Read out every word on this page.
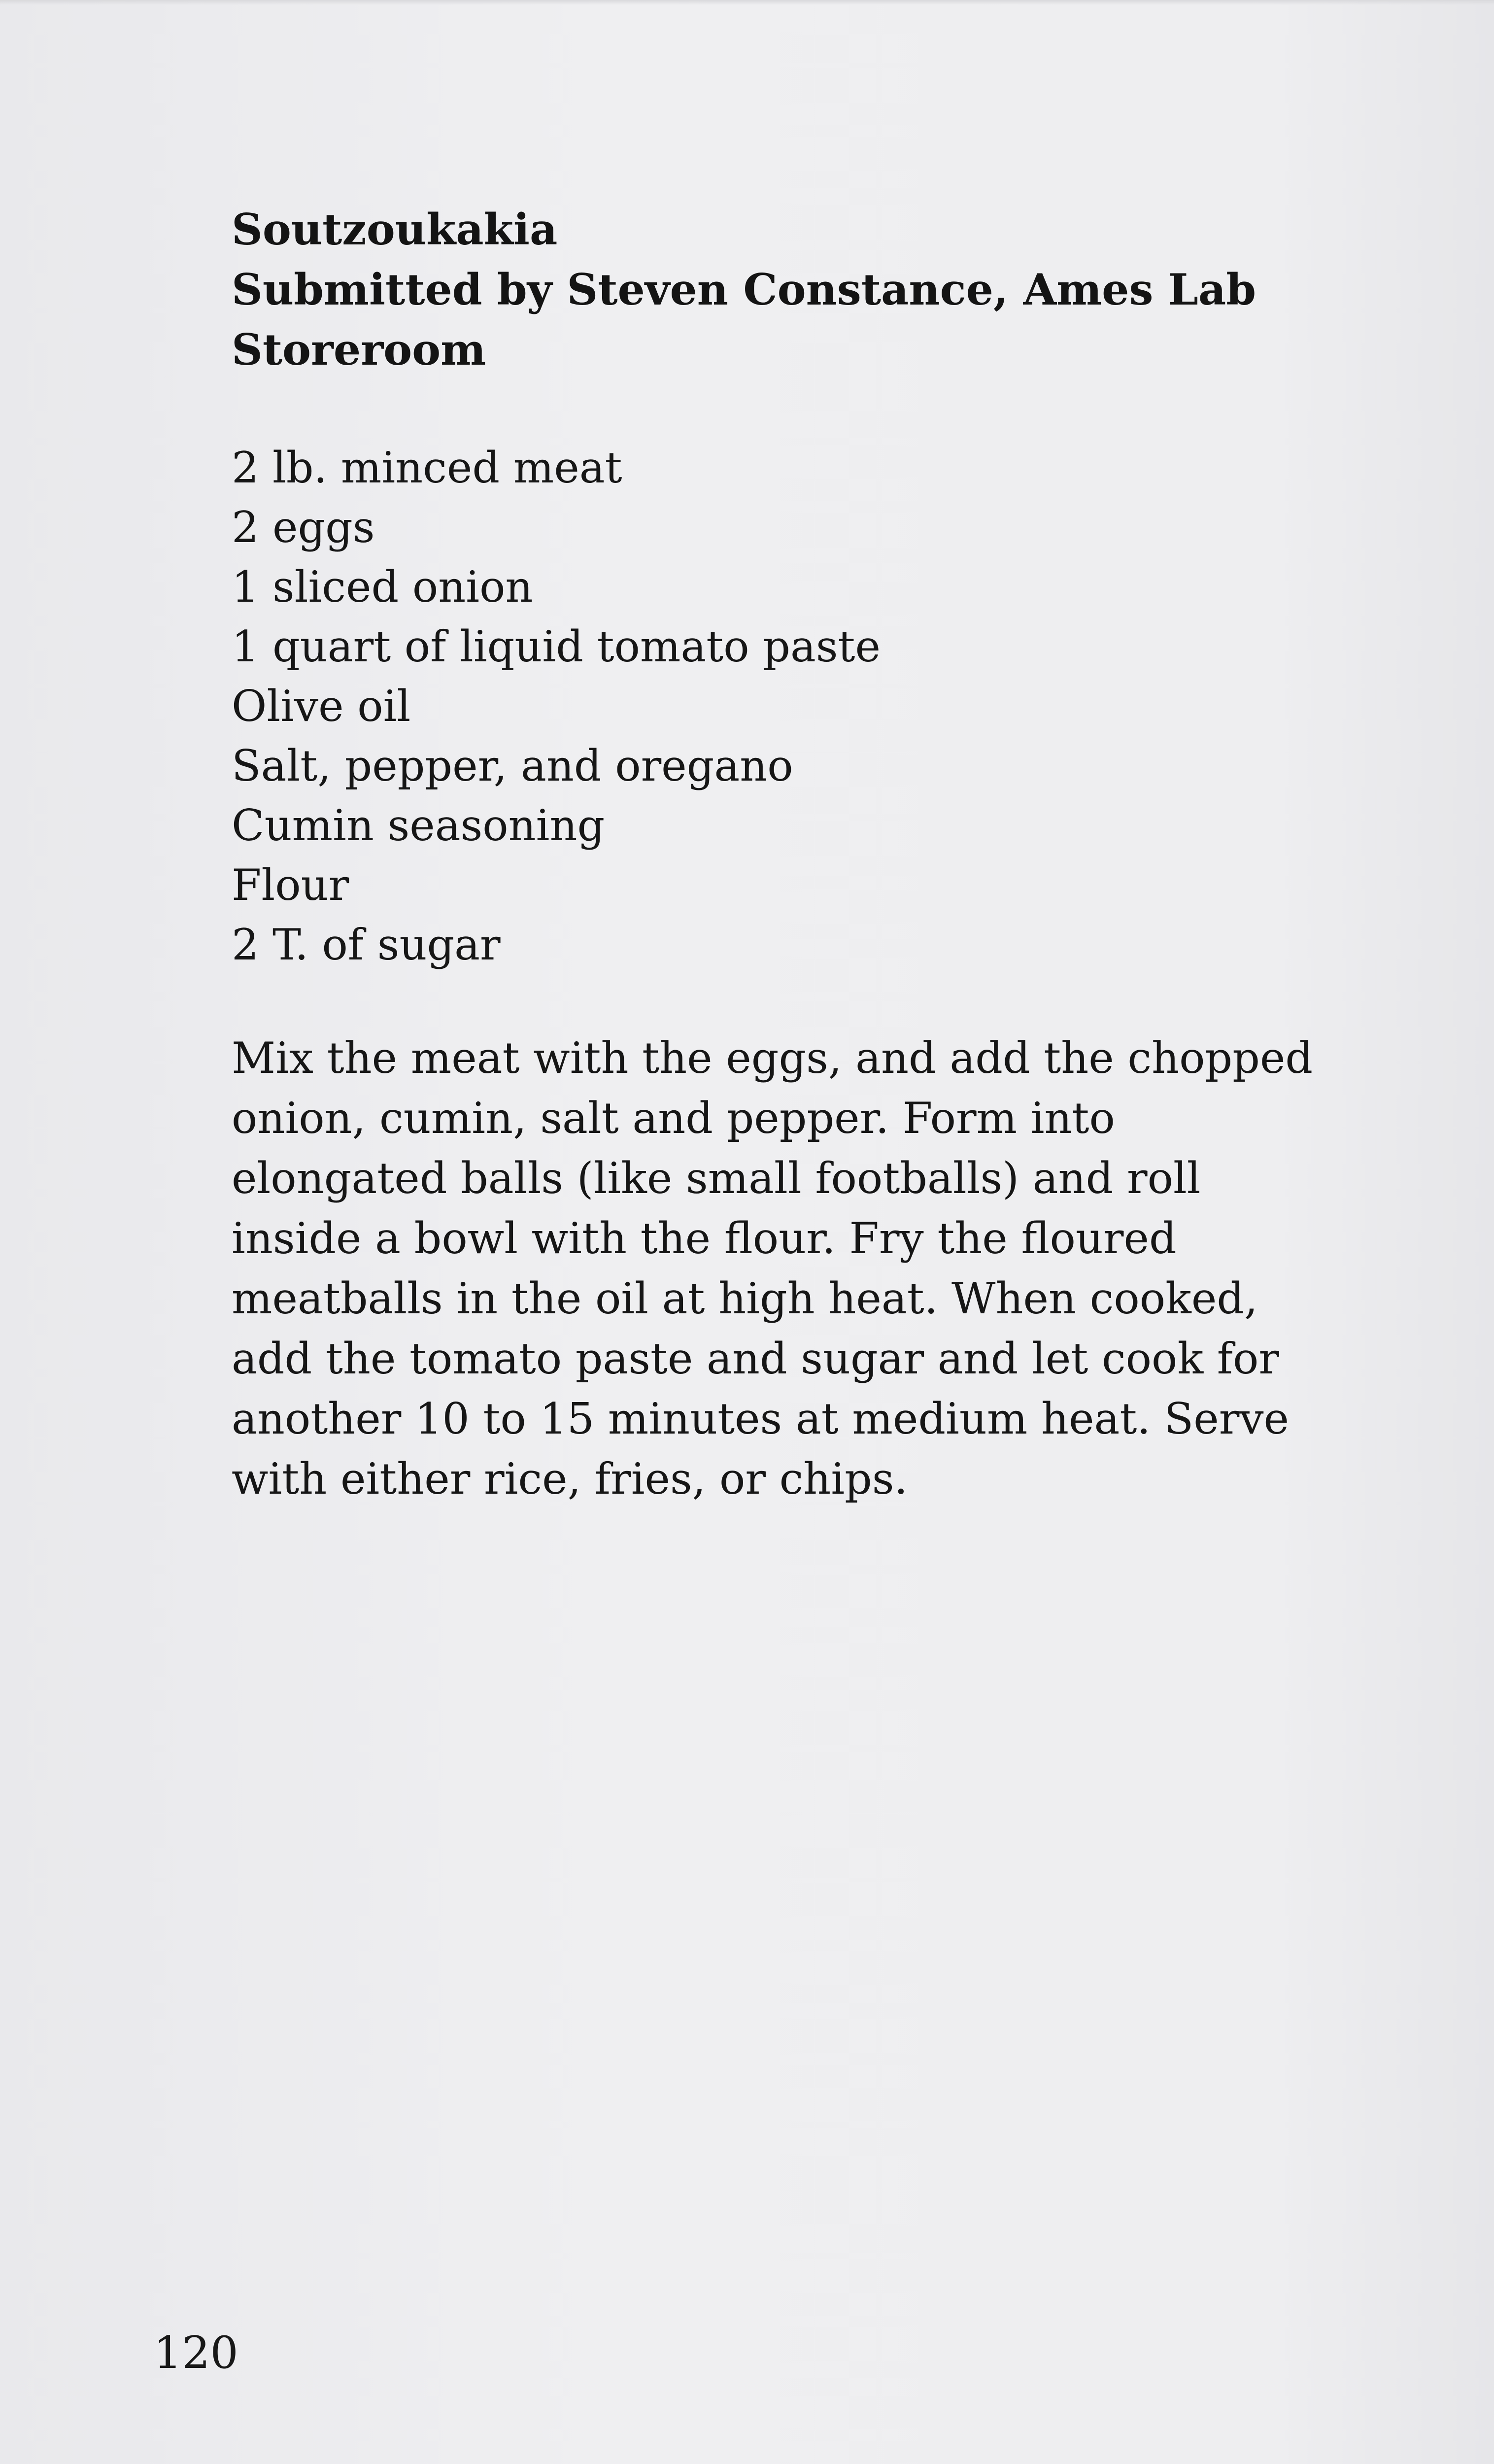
Soutzoukakia
Submitted by Steven Constance, Ames Lab
Storeroom
2 lb. minced meat
2 eggs
1 sliced onion
1 quart of liquid tomato paste
Olive oil
Salt, pepper, and oregano
Cumin seasoning
Flour
2 T. of sugar
Mix the meat with the eggs, and add the chopped
onion, cumin, salt and pepper. Form into
elongated balls (like small footballs) and roll
inside a bowl with the flour. Fry the floured
meatballs in the oil at high heat. When cooked,
add the tomato paste and sugar and let cook for
another 10 to 15 minutes at medium heat. Serve
with either rice, fries, or chips.
120
